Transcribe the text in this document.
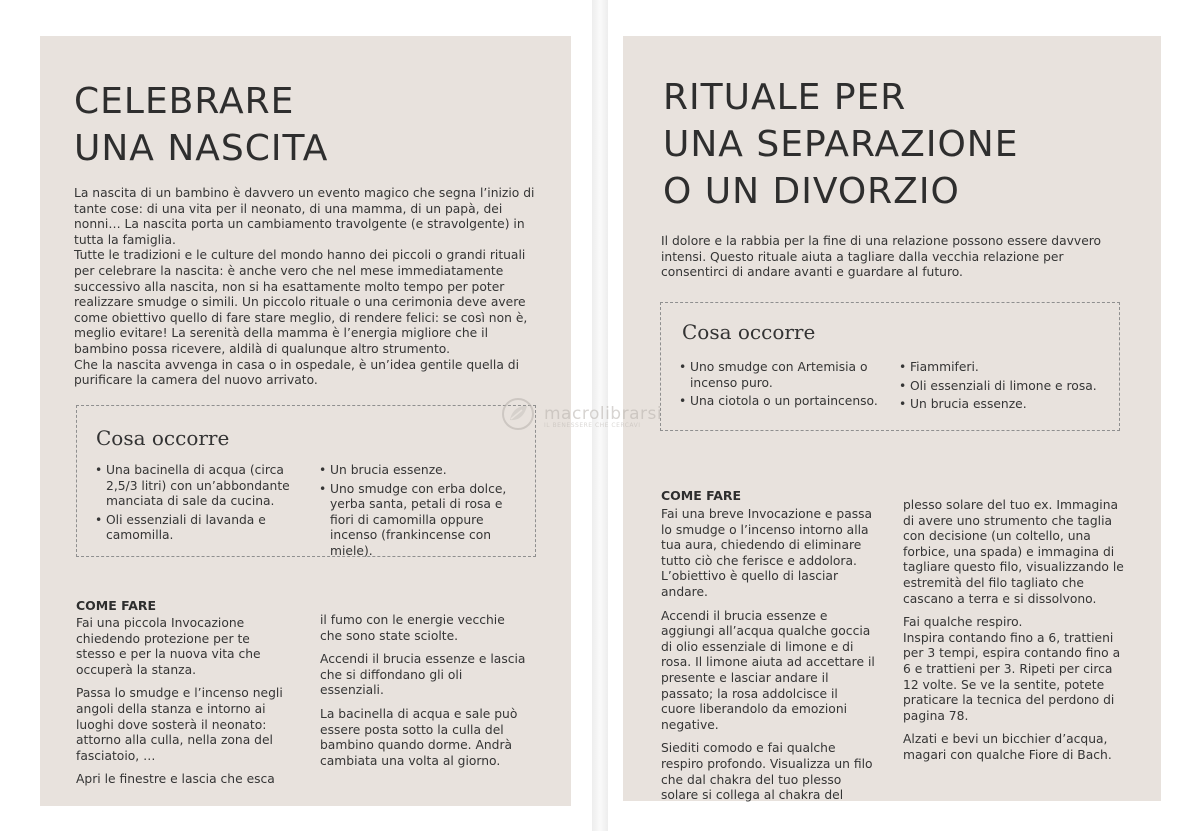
CELEBRARE
UNA NASCITA

La nascita di un bambino è davvero un evento magico che segna l’inizio di tante cose: di una vita per il neonato, di una mamma, di un papà, dei nonni… La nascita porta un cambiamento travolgente (e stravolgente) in tutta la famiglia.

Tutte le tradizioni e le culture del mondo hanno dei piccoli o grandi rituali per celebrare la nascita: è anche vero che nel mese immediatamente successivo alla nascita, non si ha esattamente molto tempo per poter realizzare smudge o simili. Un piccolo rituale o una cerimonia deve avere come obiettivo quello di fare stare meglio, di rendere felici: se così non è, meglio evitare! La serenità della mamma è l’energia migliore che il bambino possa ricevere, aldilà di qualunque altro strumento.

Che la nascita avvenga in casa o in ospedale, è un’idea gentile quella di purificare la camera del nuovo arrivato.

Cosa occorre
• Una bacinella di acqua (circa 2,5/3 litri) con un’abbondante manciata di sale da cucina.
• Oli essenziali di lavanda e camomilla.
• Un brucia essenze.
• Uno smudge con erba dolce, yerba santa, petali di rosa e fiori di camomilla oppure incenso (frankincense con miele).
COME FARE

Fai una piccola Invocazione chiedendo protezione per te stesso e per la nuova vita che occuperà la stanza.

Passa lo smudge e l’incenso negli angoli della stanza e intorno ai luoghi dove sosterà il neonato: attorno alla culla, nella zona del fasciatoio, …

Apri le finestre e lascia che esca

il fumo con le energie vecchie che sono state sciolte.

Accendi il brucia essenze e lascia che si diffondano gli oli essenziali.

La bacinella di acqua e sale può essere posta sotto la culla del bambino quando dorme. Andrà cambiata una volta al giorno.

RITUALE PER
UNA SEPARAZIONE
O UN DIVORZIO

Il dolore e la rabbia per la fine di una relazione possono essere davvero intensi. Questo rituale aiuta a tagliare dalla vecchia relazione per consentirci di andare avanti e guardare al futuro.

Cosa occorre
• Uno smudge con Artemisia o incenso puro.
• Una ciotola o un portaincenso.
• Fiammiferi.
• Oli essenziali di limone e rosa.
• Un brucia essenze.
COME FARE

Fai una breve Invocazione e passa lo smudge o l’incenso intorno alla tua aura, chiedendo di eliminare tutto ciò che ferisce e addolora. L’obiettivo è quello di lasciar andare.

Accendi il brucia essenze e aggiungi all’acqua qualche goccia di olio essenziale di limone e di rosa. Il limone aiuta ad accettare il presente e lasciar andare il passato; la rosa addolcisce il cuore liberandolo da emozioni negative.

Siediti comodo e fai qualche respiro profondo. Visualizza un filo che dal chakra del tuo plesso solare si collega al chakra del

plesso solare del tuo ex. Immagina di avere uno strumento che taglia con decisione (un coltello, una forbice, una spada) e immagina di tagliare questo filo, visualizzando le estremità del filo tagliato che cascano a terra e si dissolvono.

Fai qualche respiro.
Inspira contando fino a 6, trattieni per 3 tempi, espira contando fino a 6 e trattieni per 3. Ripeti per circa 12 volte. Se ve la sentite, potete praticare la tecnica del perdono di pagina 78.

Alzati e bevi un bicchier d’acqua, magari con qualche Fiore di Bach.

macrolibrarsi
IL BENESSERE CHE CERCAVI
